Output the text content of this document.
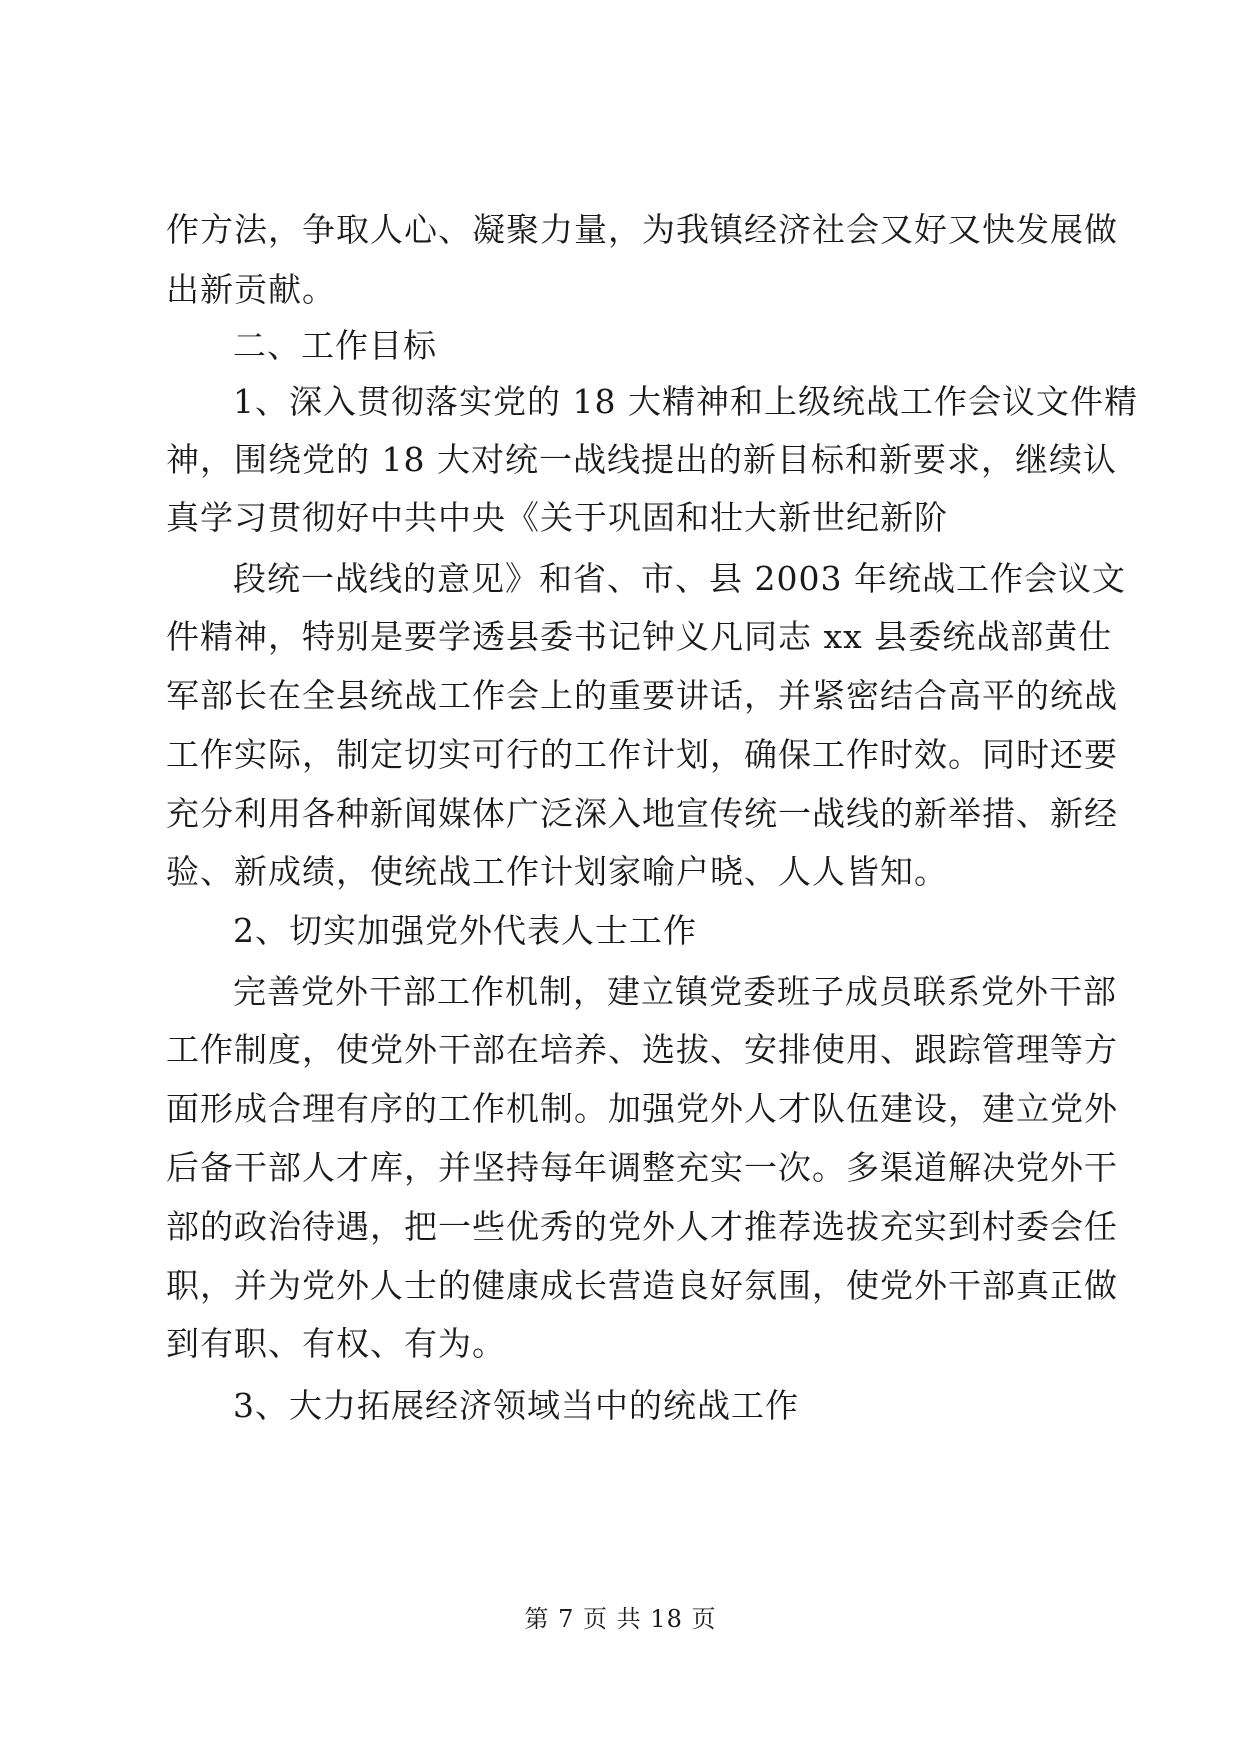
作方法，争取人心、凝聚力量，为我镇经济社会又好又快发展做
出新贡献。
二、工作目标
1、深入贯彻落实党的 18 大精神和上级统战工作会议文件精
神，围绕党的 18 大对统一战线提出的新目标和新要求，继续认
真学习贯彻好中共中央《关于巩固和壮大新世纪新阶
段统一战线的意见》和省、市、县 2003 年统战工作会议文
件精神，特别是要学透县委书记钟义凡同志 xx 县委统战部黄仕
军部长在全县统战工作会上的重要讲话，并紧密结合高平的统战
工作实际，制定切实可行的工作计划，确保工作时效。同时还要
充分利用各种新闻媒体广泛深入地宣传统一战线的新举措、新经
验、新成绩，使统战工作计划家喻户晓、人人皆知。
2、切实加强党外代表人士工作
完善党外干部工作机制，建立镇党委班子成员联系党外干部
工作制度，使党外干部在培养、选拔、安排使用、跟踪管理等方
面形成合理有序的工作机制。加强党外人才队伍建设，建立党外
后备干部人才库，并坚持每年调整充实一次。多渠道解决党外干
部的政治待遇，把一些优秀的党外人才推荐选拔充实到村委会任
职，并为党外人士的健康成长营造良好氛围，使党外干部真正做
到有职、有权、有为。
3、大力拓展经济领域当中的统战工作
第 7 页 共 18 页
